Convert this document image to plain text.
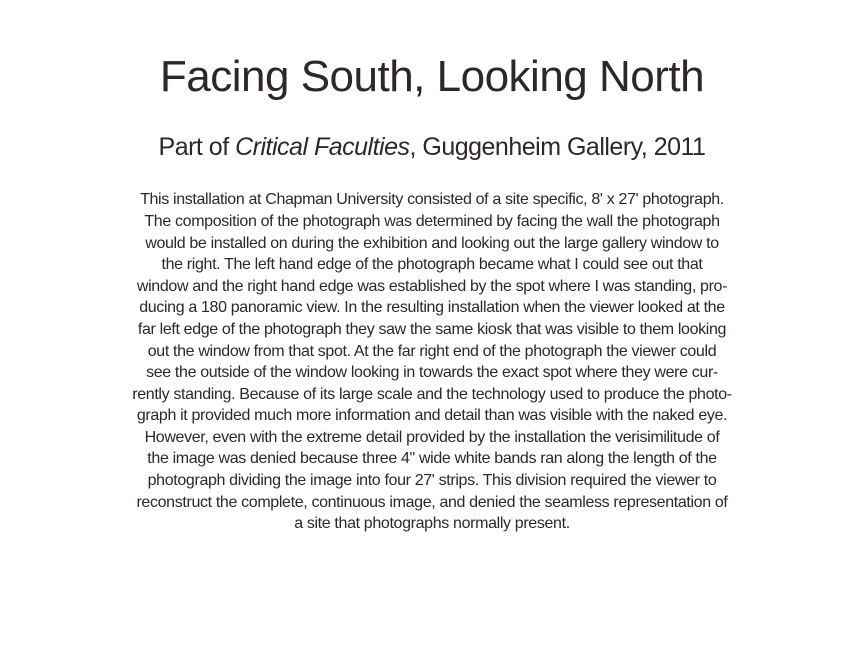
Facing South, Looking North
Part of Critical Faculties, Guggenheim Gallery, 2011
This installation at Chapman University consisted of a site specific, 8' x 27' photograph.
The composition of the photograph was determined by facing the wall the photograph
would be installed on during the exhibition and looking out the large gallery window to
the right. The left hand edge of the photograph became what I could see out that
window and the right hand edge was established by the spot where I was standing, pro-
ducing a 180 panoramic view. In the resulting installation when the viewer looked at the
far left edge of the photograph they saw the same kiosk that was visible to them looking
out the window from that spot. At the far right end of the photograph the viewer could
see the outside of the window looking in towards the exact spot where they were cur-
rently standing. Because of its large scale and the technology used to produce the photo-
graph it provided much more information and detail than was visible with the naked eye.
However, even with the extreme detail provided by the installation the verisimilitude of
the image was denied because three 4" wide white bands ran along the length of the
photograph dividing the image into four 27' strips. This division required the viewer to
reconstruct the complete, continuous image, and denied the seamless representation of
a site that photographs normally present.
